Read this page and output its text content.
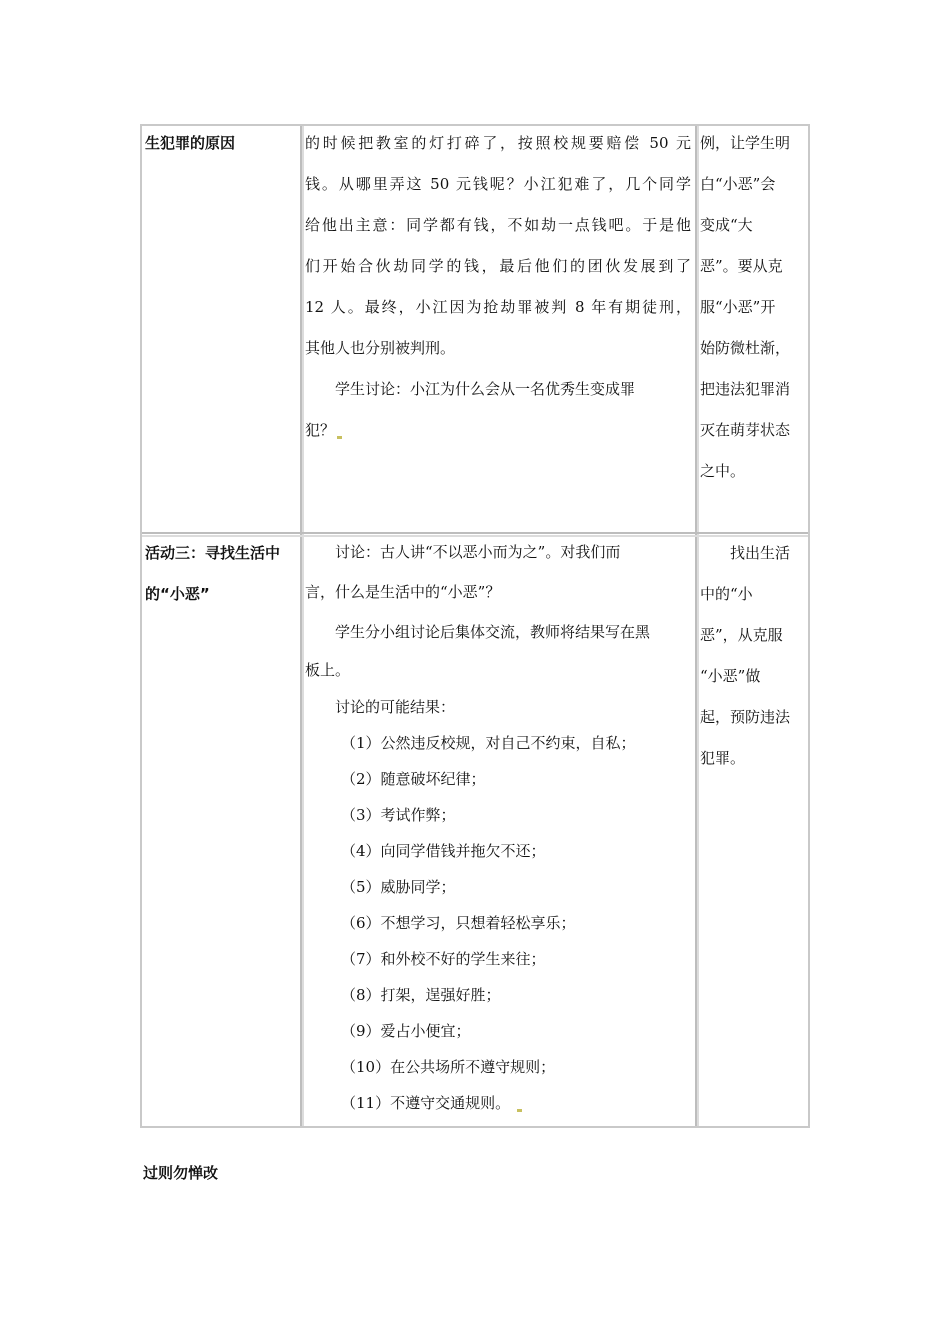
生犯罪的原因	的时候把教室的灯打碎了，按照校规要赔偿 50 元
钱。从哪里弄这 50 元钱呢？小江犯难了，几个同学
给他出主意：同学都有钱，不如劫一点钱吧。于是他
们开始合伙劫同学的钱，最后他们的团伙发展到了
12 人。最终，小江因为抢劫罪被判 8 年有期徒刑，
其他人也分别被判刑。
学生讨论：小江为什么会从一名优秀生变成罪
犯？
例，让学生明
白“小恶”会
变成“大
恶”。要从克
服“小恶”开
始防微杜渐，
把违法犯罪消
灭在萌芽状态
之中。
活动三：寻找生活中
的“小恶”
讨论：古人讲“不以恶小而为之”。对我们而
言，什么是生活中的“小恶”？
学生分小组讨论后集体交流，教师将结果写在黑
板上。
讨论的可能结果：
（1）公然违反校规，对自己不约束，自私；
（2）随意破坏纪律；
（3）考试作弊；
（4）向同学借钱并拖欠不还；
（5）威胁同学；
（6）不想学习，只想着轻松享乐；
（7）和外校不好的学生来往；
（8）打架，逞强好胜；
（9）爱占小便宜；
（10）在公共场所不遵守规则；
（11）不遵守交通规则。
找出生活
中的“小
恶”，从克服
“小恶”做
起，预防违法
犯罪。
过则勿惮改
